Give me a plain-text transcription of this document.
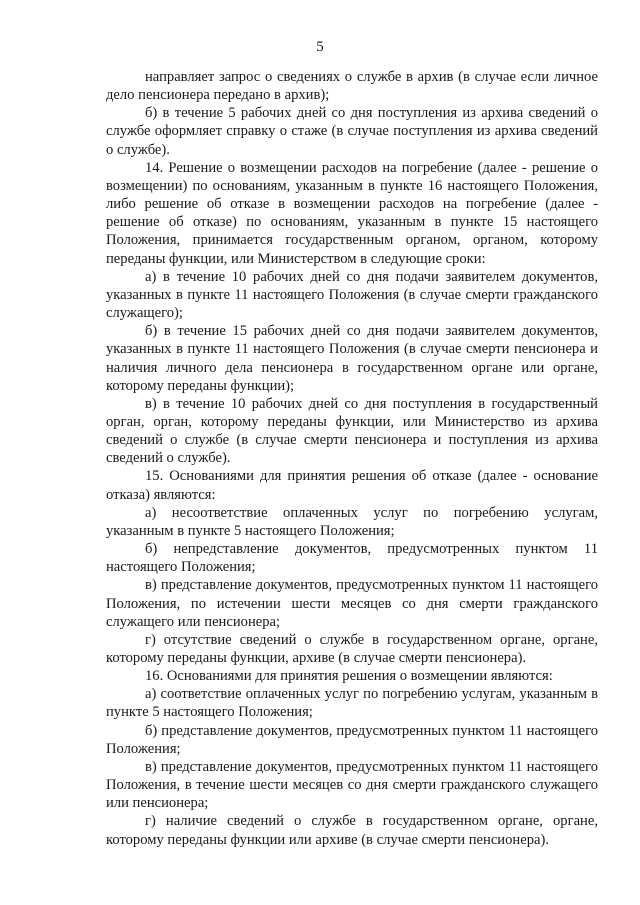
5

направляет запрос о сведениях о службе в архив (в случае если личное дело пенсионера передано в архив);

б) в течение 5 рабочих дней со дня поступления из архива сведений о службе оформляет справку о стаже (в случае поступления из архива сведений о службе).

14. Решение о возмещении расходов на погребение (далее - решение о возмещении) по основаниям, указанным в пункте 16 настоящего Положения, либо решение об отказе в возмещении расходов на погребение (далее - решение об отказе) по основаниям, указанным в пункте 15 настоящего Положения, принимается государственным органом, органом, которому переданы функции, или Министерством в следующие сроки:

а) в течение 10 рабочих дней со дня подачи заявителем документов, указанных в пункте 11 настоящего Положения (в случае смерти гражданского служащего);

б) в течение 15 рабочих дней со дня подачи заявителем документов, указанных в пункте 11 настоящего Положения (в случае смерти пенсионера и наличия личного дела пенсионера в государственном органе или органе, которому переданы функции);

в) в течение 10 рабочих дней со дня поступления в государственный орган, орган, которому переданы функции, или Министерство из архива сведений о службе (в случае смерти пенсионера и поступления из архива сведений о службе).

15. Основаниями для принятия решения об отказе (далее - основание отказа) являются:

а) несоответствие оплаченных услуг по погребению услугам, указанным в пункте 5 настоящего Положения;

б) непредставление документов, предусмотренных пунктом 11 настоящего Положения;

в) представление документов, предусмотренных пунктом 11 настоящего Положения, по истечении шести месяцев со дня смерти гражданского служащего или пенсионера;

г) отсутствие сведений о службе в государственном органе, органе, которому переданы функции, архиве (в случае смерти пенсионера).

16. Основаниями для принятия решения о возмещении являются:

а) соответствие оплаченных услуг по погребению услугам, указанным в пункте 5 настоящего Положения;

б) представление документов, предусмотренных пунктом 11 настоящего Положения;

в) представление документов, предусмотренных пунктом 11 настоящего Положения, в течение шести месяцев со дня смерти гражданского служащего или пенсионера;

г) наличие сведений о службе в государственном органе, органе, которому переданы функции или архиве (в случае смерти пенсионера).
